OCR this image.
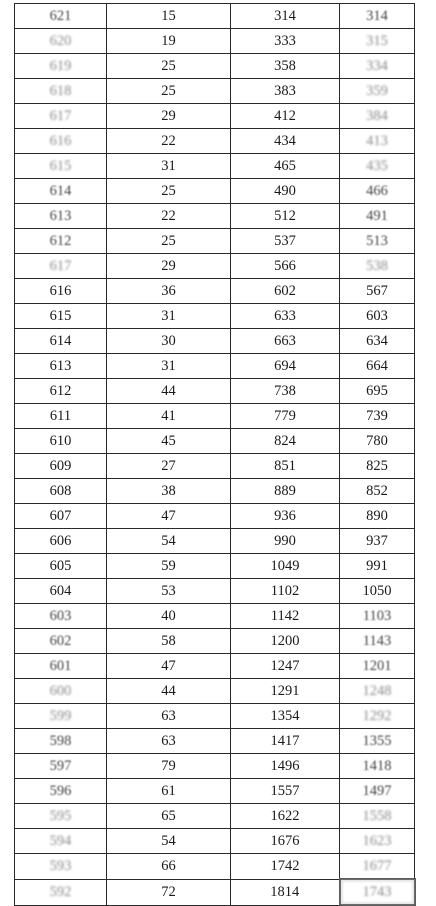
621	15	314	314
620	19	333	315
619	25	358	334
618	25	383	359
617	29	412	384
616	22	434	413
615	31	465	435
614	25	490	466
613	22	512	491
612	25	537	513
617	29	566	538
616	36	602	567
615	31	633	603
614	30	663	634
613	31	694	664
612	44	738	695
611	41	779	739
610	45	824	780
609	27	851	825
608	38	889	852
607	47	936	890
606	54	990	937
605	59	1049	991
604	53	1102	1050
603	40	1142	1103
602	58	1200	1143
601	47	1247	1201
600	44	1291	1248
599	63	1354	1292
598	63	1417	1355
597	79	1496	1418
596	61	1557	1497
595	65	1622	1558
594	54	1676	1623
593	66	1742	1677
592	72	1814	1743
